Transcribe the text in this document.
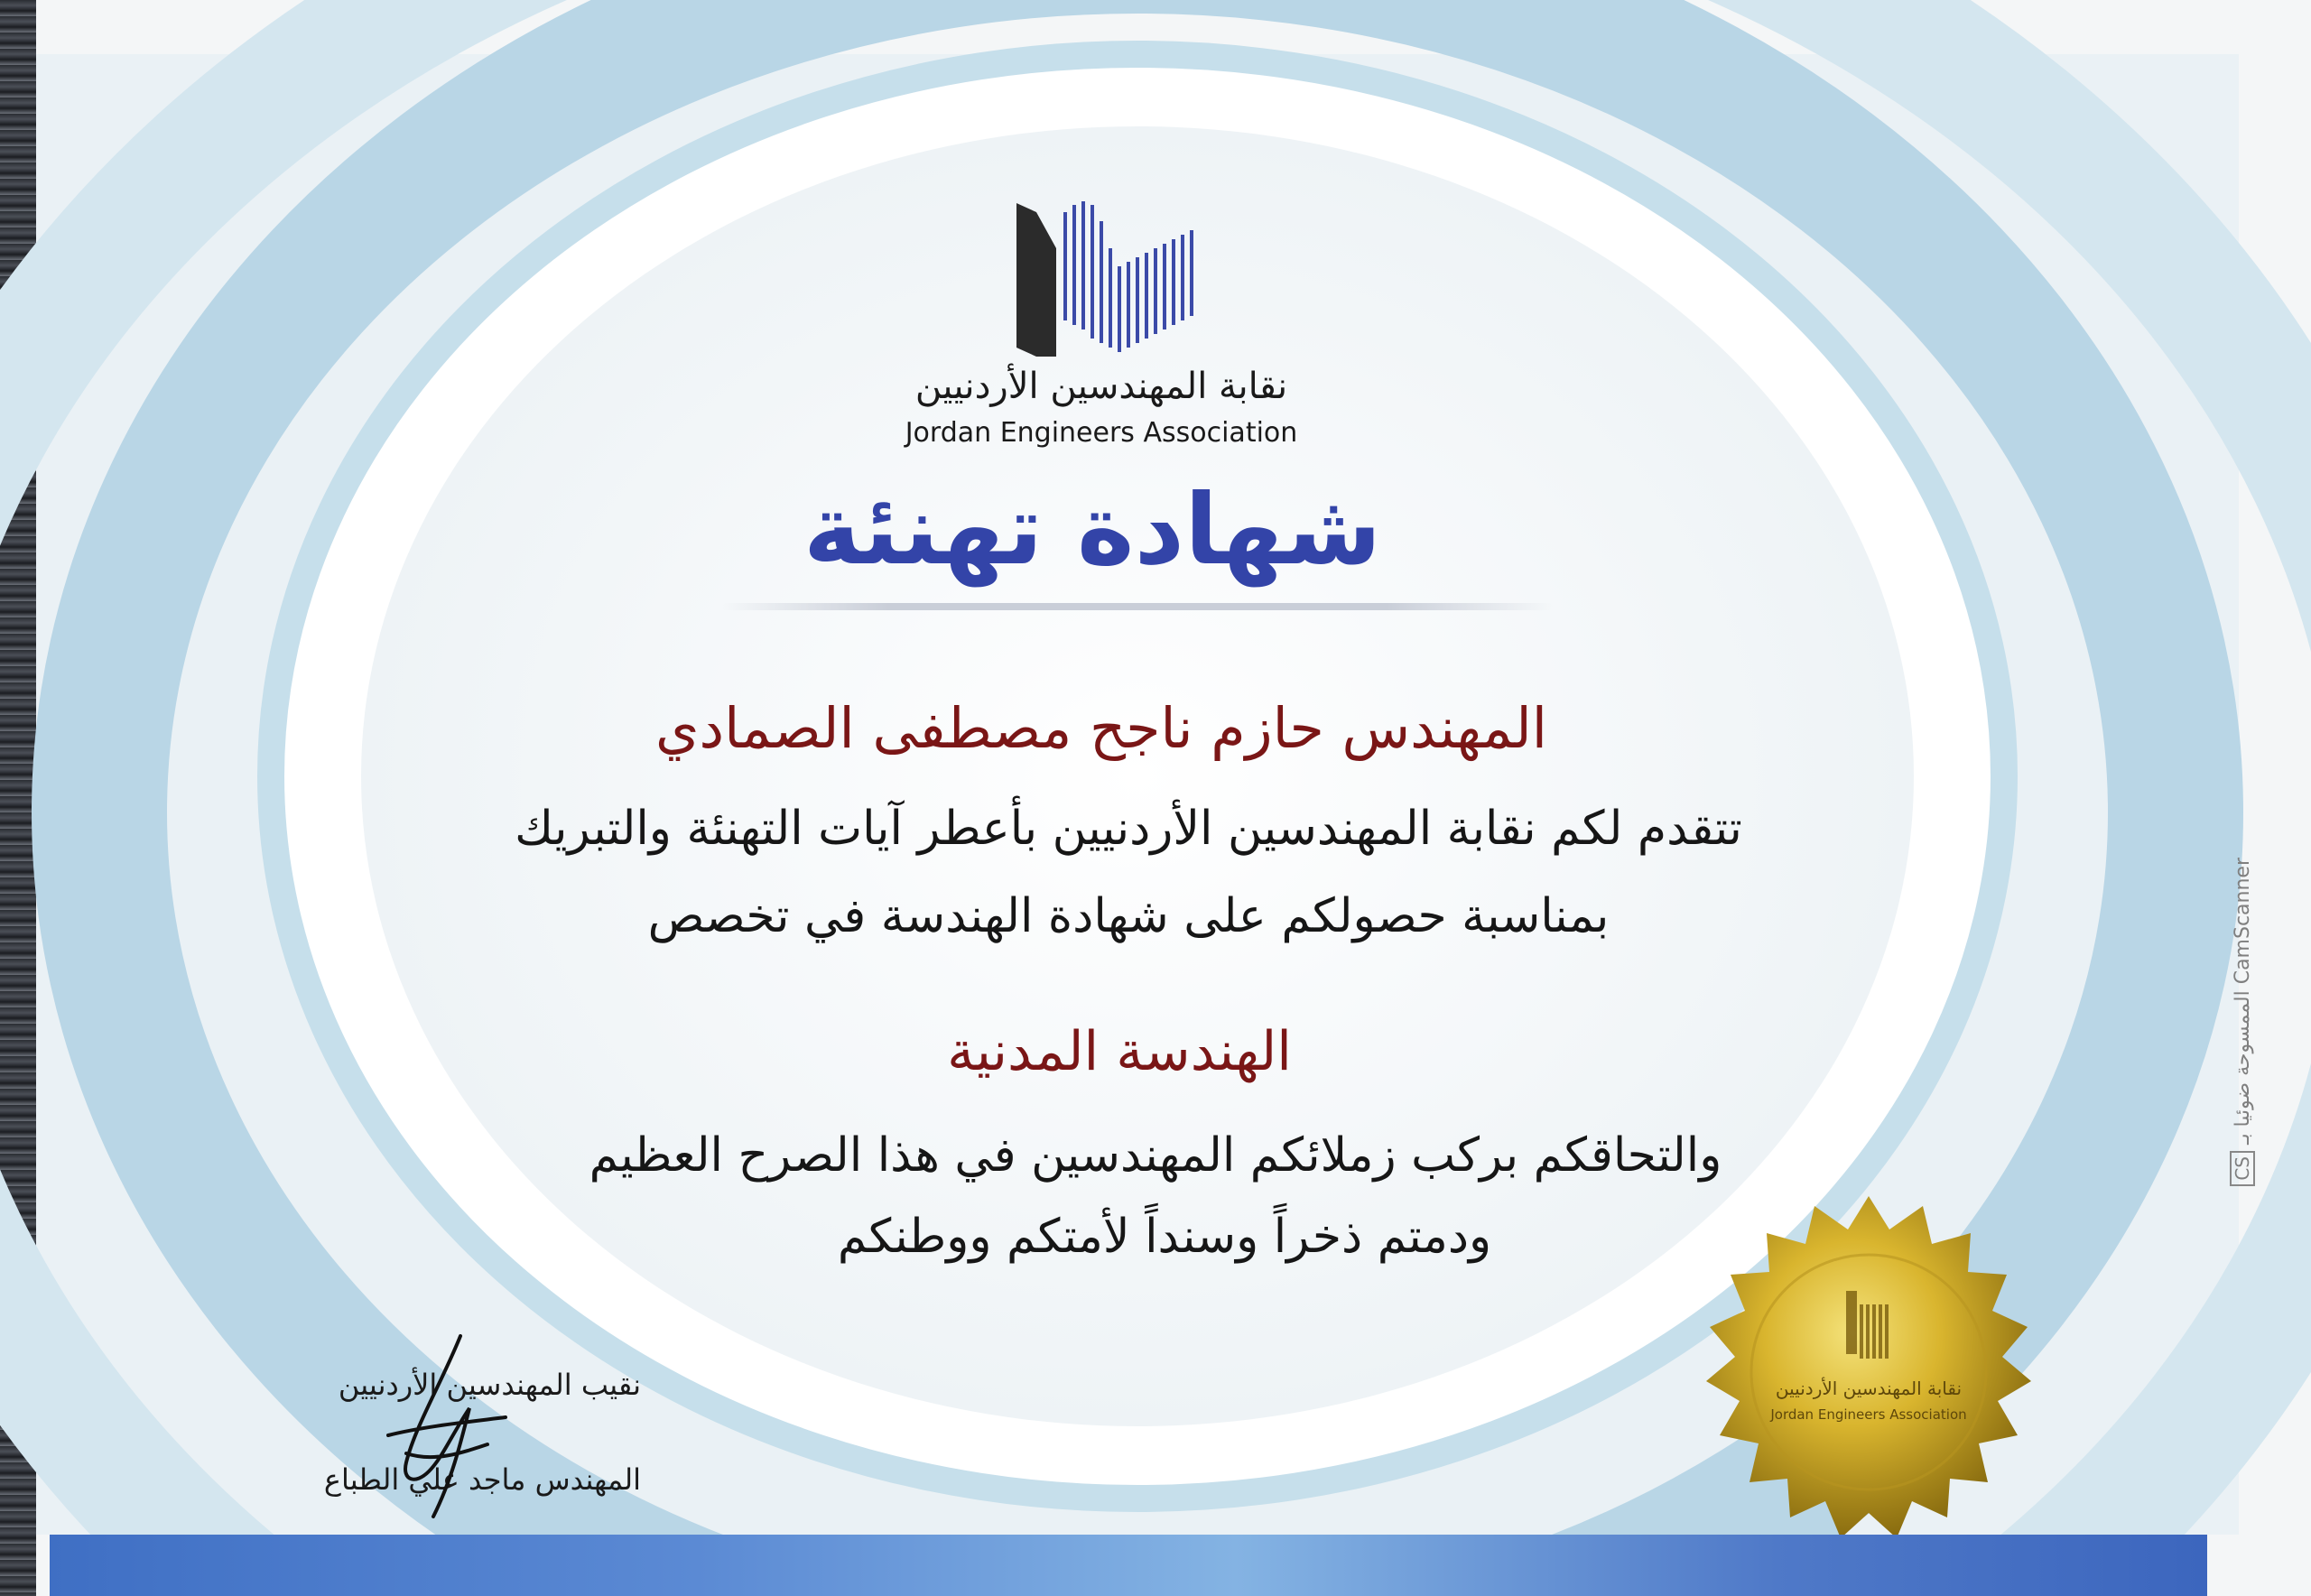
نقابة المهندسين الأردنيين
Jordan Engineers Association
شهادة تهنئة
المهندس حازم ناجح مصطفى الصمادي
تتقدم لكم نقابة المهندسين الأردنيين بأعطر آيات التهنئة والتبريك
بمناسبة حصولكم على شهادة الهندسة في تخصص
الهندسة المدنية
والتحاقكم بركب زملائكم المهندسين في هذا الصرح العظيم
ودمتم ذخراً وسنداً لأمتكم ووطنكم
نقيب المهندسين الأردنيين
المهندس ماجد علي الطباع
نقابة المهندسين الأردنيين
Jordan Engineers Association
CamScanner الممسوحة ضوئيا بـ CS
